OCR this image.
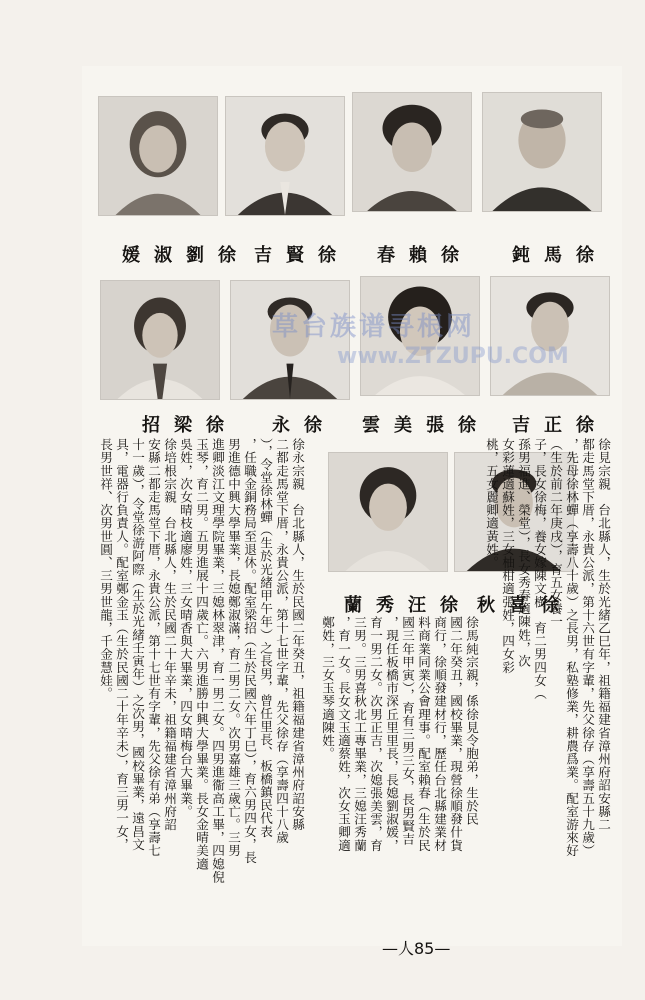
徐劉淑媛 徐賢吉 徐賴春 徐馬鈍
徐梁招 徐永 徐張美雲 徐正吉
徐汪秀蘭 徐喜秋
草台族谱寻根网
www.ZTZUPU.COM
徐見宗親　台北縣人，生於光緒乙巳年，祖籍福建省漳州府詔安縣二
都走馬堂下厝，永貴公派，第十六世有字輩，先父徐存（享壽五十九歲）
，先母徐林蟬（享壽八十歲）之長男，私塾修業，耕農爲業。配室游來好
（生於前二年庚戌），育五女養一
子，長女徐梅，養女嫁陳文樹，育二男四女（
孫男福進、榮堂），長女秀春適陳姓，次
女彩蓮適蘇姓，三女柚柑適張姓，四女彩
桃，五女麗卿適黃姓。
徐馬純宗親，係徐見令胞弟，生於民
國二年癸丑，國校畢業，現營徐順發什貨
商行，徐順發建材行，歷任台北縣建業材
料商業同業公會理事。配室賴春（生於民
國三年甲寅），育有三男三女，長男賢吉
，現任板橋市深丘里里長，長媳劉淑媛，
育一男二女。次男正吉，次媳張美雲，育
三男。三男喜秋北工專畢業，三媳汪秀蘭
，育一女。長女文玉適蔡姓，次女玉卿適
鄭姓，三女玉琴適陳姓。
徐永宗親　台北縣人，生於民國二年癸丑，祖籍福建省漳州府詔安縣
二都走馬堂下厝，永貴公派，第十七世字輩，先父徐存（享壽四十八歲
），令堂徐林蟬（生於光緒甲午年）之長男，曾任里長、板橋鎮民代表
，任職金銅務局至退休。配室梁招（生於民國六年丁巳），育六男四女，長
男進德中興大學畢業，長媳鄭淑滿，育二男二女。次男嘉雄三歲亡。三男
進卿淡江文理學院畢業，三媳林翠津，育一男二女。四男進衞高工畢，四媳倪
玉琴，育二男。五男進展十四歲亡。六男進勝中興大學畢業。長女金晴美適
吳姓，次女晴枝適廖姓，三女晴香與大畢業，四女晴梅台大畢業。
徐培根宗親　台北縣人，生於民國二十年辛未，祖籍福建省漳州府詔
安縣二都走馬堂下厝，永貴公派，第十七世有字輩，先父徐有弟（享壽七
十一歲），令堂徐游阿際（生於光緒壬寅年）之次男，國校畢業，遠昌文
具，電器行負責人。配室鄭金玉（生於民國二十年辛未），育三男一女，
長男世祥、次男世圓、三男世龍，千金慧娃。
—人85—
